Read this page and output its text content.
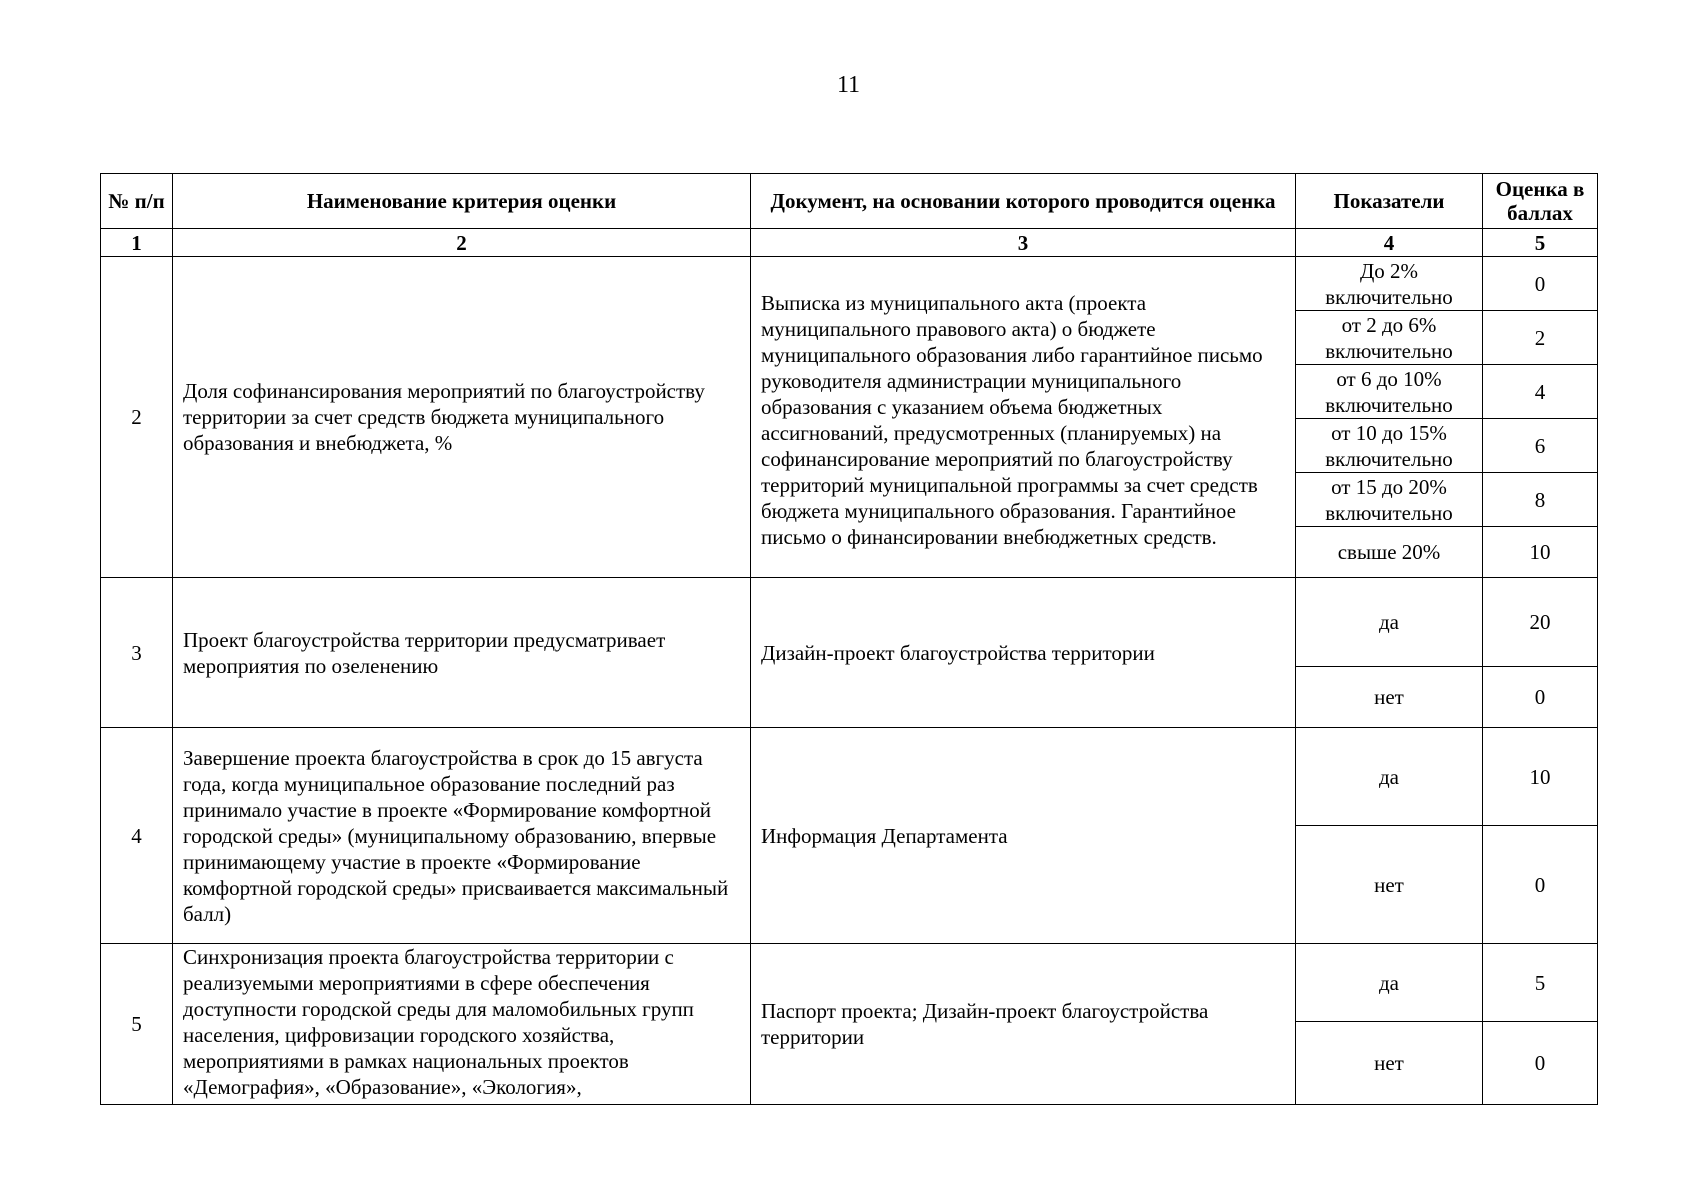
11
№ п/п	Наименование критерия оценки	Документ, на основании которого проводится оценка	Показатели	Оценка в баллах
1	2	3	4	5
2	Доля софинансирования мероприятий по благоустройству территории за счет средств бюджета муниципального образования и внебюджета, %	Выписка из муниципального акта (проекта муниципального правового акта) о бюджете муниципального образования либо гарантийное письмо руководителя администрации муниципального образования с указанием объема бюджетных ассигнований, предусмотренных (планируемых) на софинансирование мероприятий по благоустройству территорий муниципальной программы за счет средств бюджета муниципального образования. Гарантийное письмо о финансировании внебюджетных средств.	До 2% включительно	0
			от 2 до 6% включительно	2
			от 6 до 10% включительно	4
			от 10 до 15% включительно	6
			от 15 до 20% включительно	8
			свыше 20%	10
3	Проект благоустройства территории предусматривает мероприятия по озеленению	Дизайн-проект благоустройства территории	да	20
			нет	0
4	Завершение проекта благоустройства в срок до 15 августа года, когда муниципальное образование последний раз принимало участие в проекте «Формирование комфортной городской среды» (муниципальному образованию, впервые принимающему участие в проекте «Формирование комфортной городской среды» присваивается максимальный балл)	Информация Департамента	да	10
			нет	0
5	Синхронизация проекта благоустройства территории с реализуемыми мероприятиями в сфере обеспечения доступности городской среды для маломобильных групп населения, цифровизации городского хозяйства, мероприятиями в рамках национальных проектов «Демография», «Образование», «Экология»,	Паспорт проекта; Дизайн-проект благоустройства территории	да	5
			нет	0
